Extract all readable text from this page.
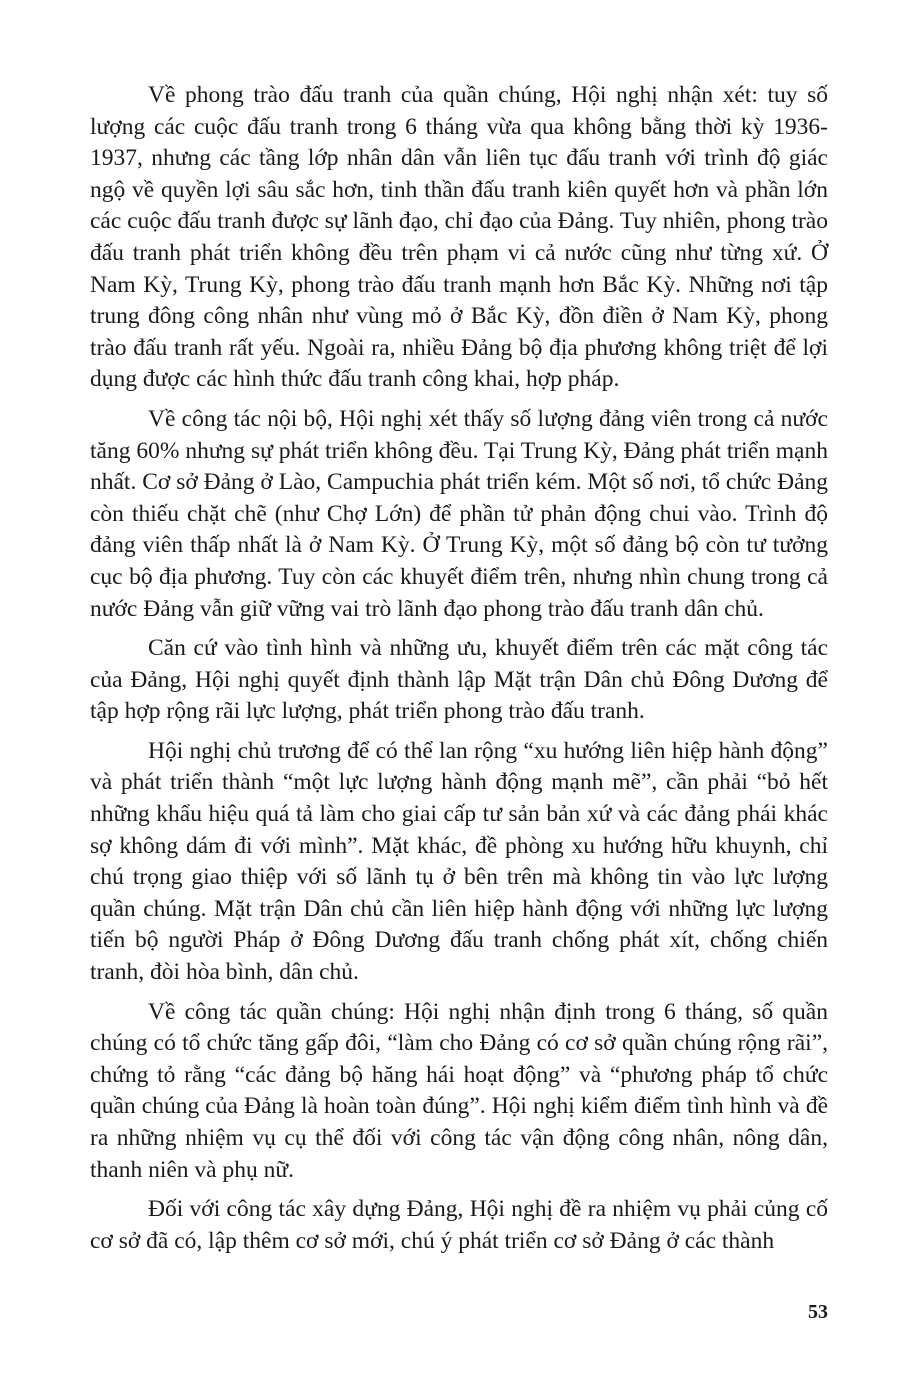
Về phong trào đấu tranh của quần chúng, Hội nghị nhận xét: tuy số lượng các cuộc đấu tranh trong 6 tháng vừa qua không bằng thời kỳ 1936-1937, nhưng các tầng lớp nhân dân vẫn liên tục đấu tranh với trình độ giác ngộ về quyền lợi sâu sắc hơn, tinh thần đấu tranh kiên quyết hơn và phần lớn các cuộc đấu tranh được sự lãnh đạo, chỉ đạo của Đảng. Tuy nhiên, phong trào đấu tranh phát triển không đều trên phạm vi cả nước cũng như từng xứ. Ở Nam Kỳ, Trung Kỳ, phong trào đấu tranh mạnh hơn Bắc Kỳ. Những nơi tập trung đông công nhân như vùng mỏ ở Bắc Kỳ, đồn điền ở Nam Kỳ, phong trào đấu tranh rất yếu. Ngoài ra, nhiều Đảng bộ địa phương không triệt để lợi dụng được các hình thức đấu tranh công khai, hợp pháp.

Về công tác nội bộ, Hội nghị xét thấy số lượng đảng viên trong cả nước tăng 60% nhưng sự phát triển không đều. Tại Trung Kỳ, Đảng phát triển mạnh nhất. Cơ sở Đảng ở Lào, Campuchia phát triển kém. Một số nơi, tổ chức Đảng còn thiếu chặt chẽ (như Chợ Lớn) để phần tử phản động chui vào. Trình độ đảng viên thấp nhất là ở Nam Kỳ. Ở Trung Kỳ, một số đảng bộ còn tư tưởng cục bộ địa phương. Tuy còn các khuyết điểm trên, nhưng nhìn chung trong cả nước Đảng vẫn giữ vững vai trò lãnh đạo phong trào đấu tranh dân chủ.

Căn cứ vào tình hình và những ưu, khuyết điểm trên các mặt công tác của Đảng, Hội nghị quyết định thành lập Mặt trận Dân chủ Đông Dương để tập hợp rộng rãi lực lượng, phát triển phong trào đấu tranh.

Hội nghị chủ trương để có thể lan rộng “xu hướng liên hiệp hành động” và phát triển thành “một lực lượng hành động mạnh mẽ”, cần phải “bỏ hết những khẩu hiệu quá tả làm cho giai cấp tư sản bản xứ và các đảng phái khác sợ không dám đi với mình”. Mặt khác, đề phòng xu hướng hữu khuynh, chỉ chú trọng giao thiệp với số lãnh tụ ở bên trên mà không tin vào lực lượng quần chúng. Mặt trận Dân chủ cần liên hiệp hành động với những lực lượng tiến bộ người Pháp ở Đông Dương đấu tranh chống phát xít, chống chiến tranh, đòi hòa bình, dân chủ.

Về công tác quần chúng: Hội nghị nhận định trong 6 tháng, số quần chúng có tổ chức tăng gấp đôi, “làm cho Đảng có cơ sở quần chúng rộng rãi”, chứng tỏ rằng “các đảng bộ hăng hái hoạt động” và “phương pháp tổ chức quần chúng của Đảng là hoàn toàn đúng”. Hội nghị kiểm điểm tình hình và đề ra những nhiệm vụ cụ thể đối với công tác vận động công nhân, nông dân, thanh niên và phụ nữ.

Đối với công tác xây dựng Đảng, Hội nghị đề ra nhiệm vụ phải củng cố cơ sở đã có, lập thêm cơ sở mới, chú ý phát triển cơ sở Đảng ở các thành

53
